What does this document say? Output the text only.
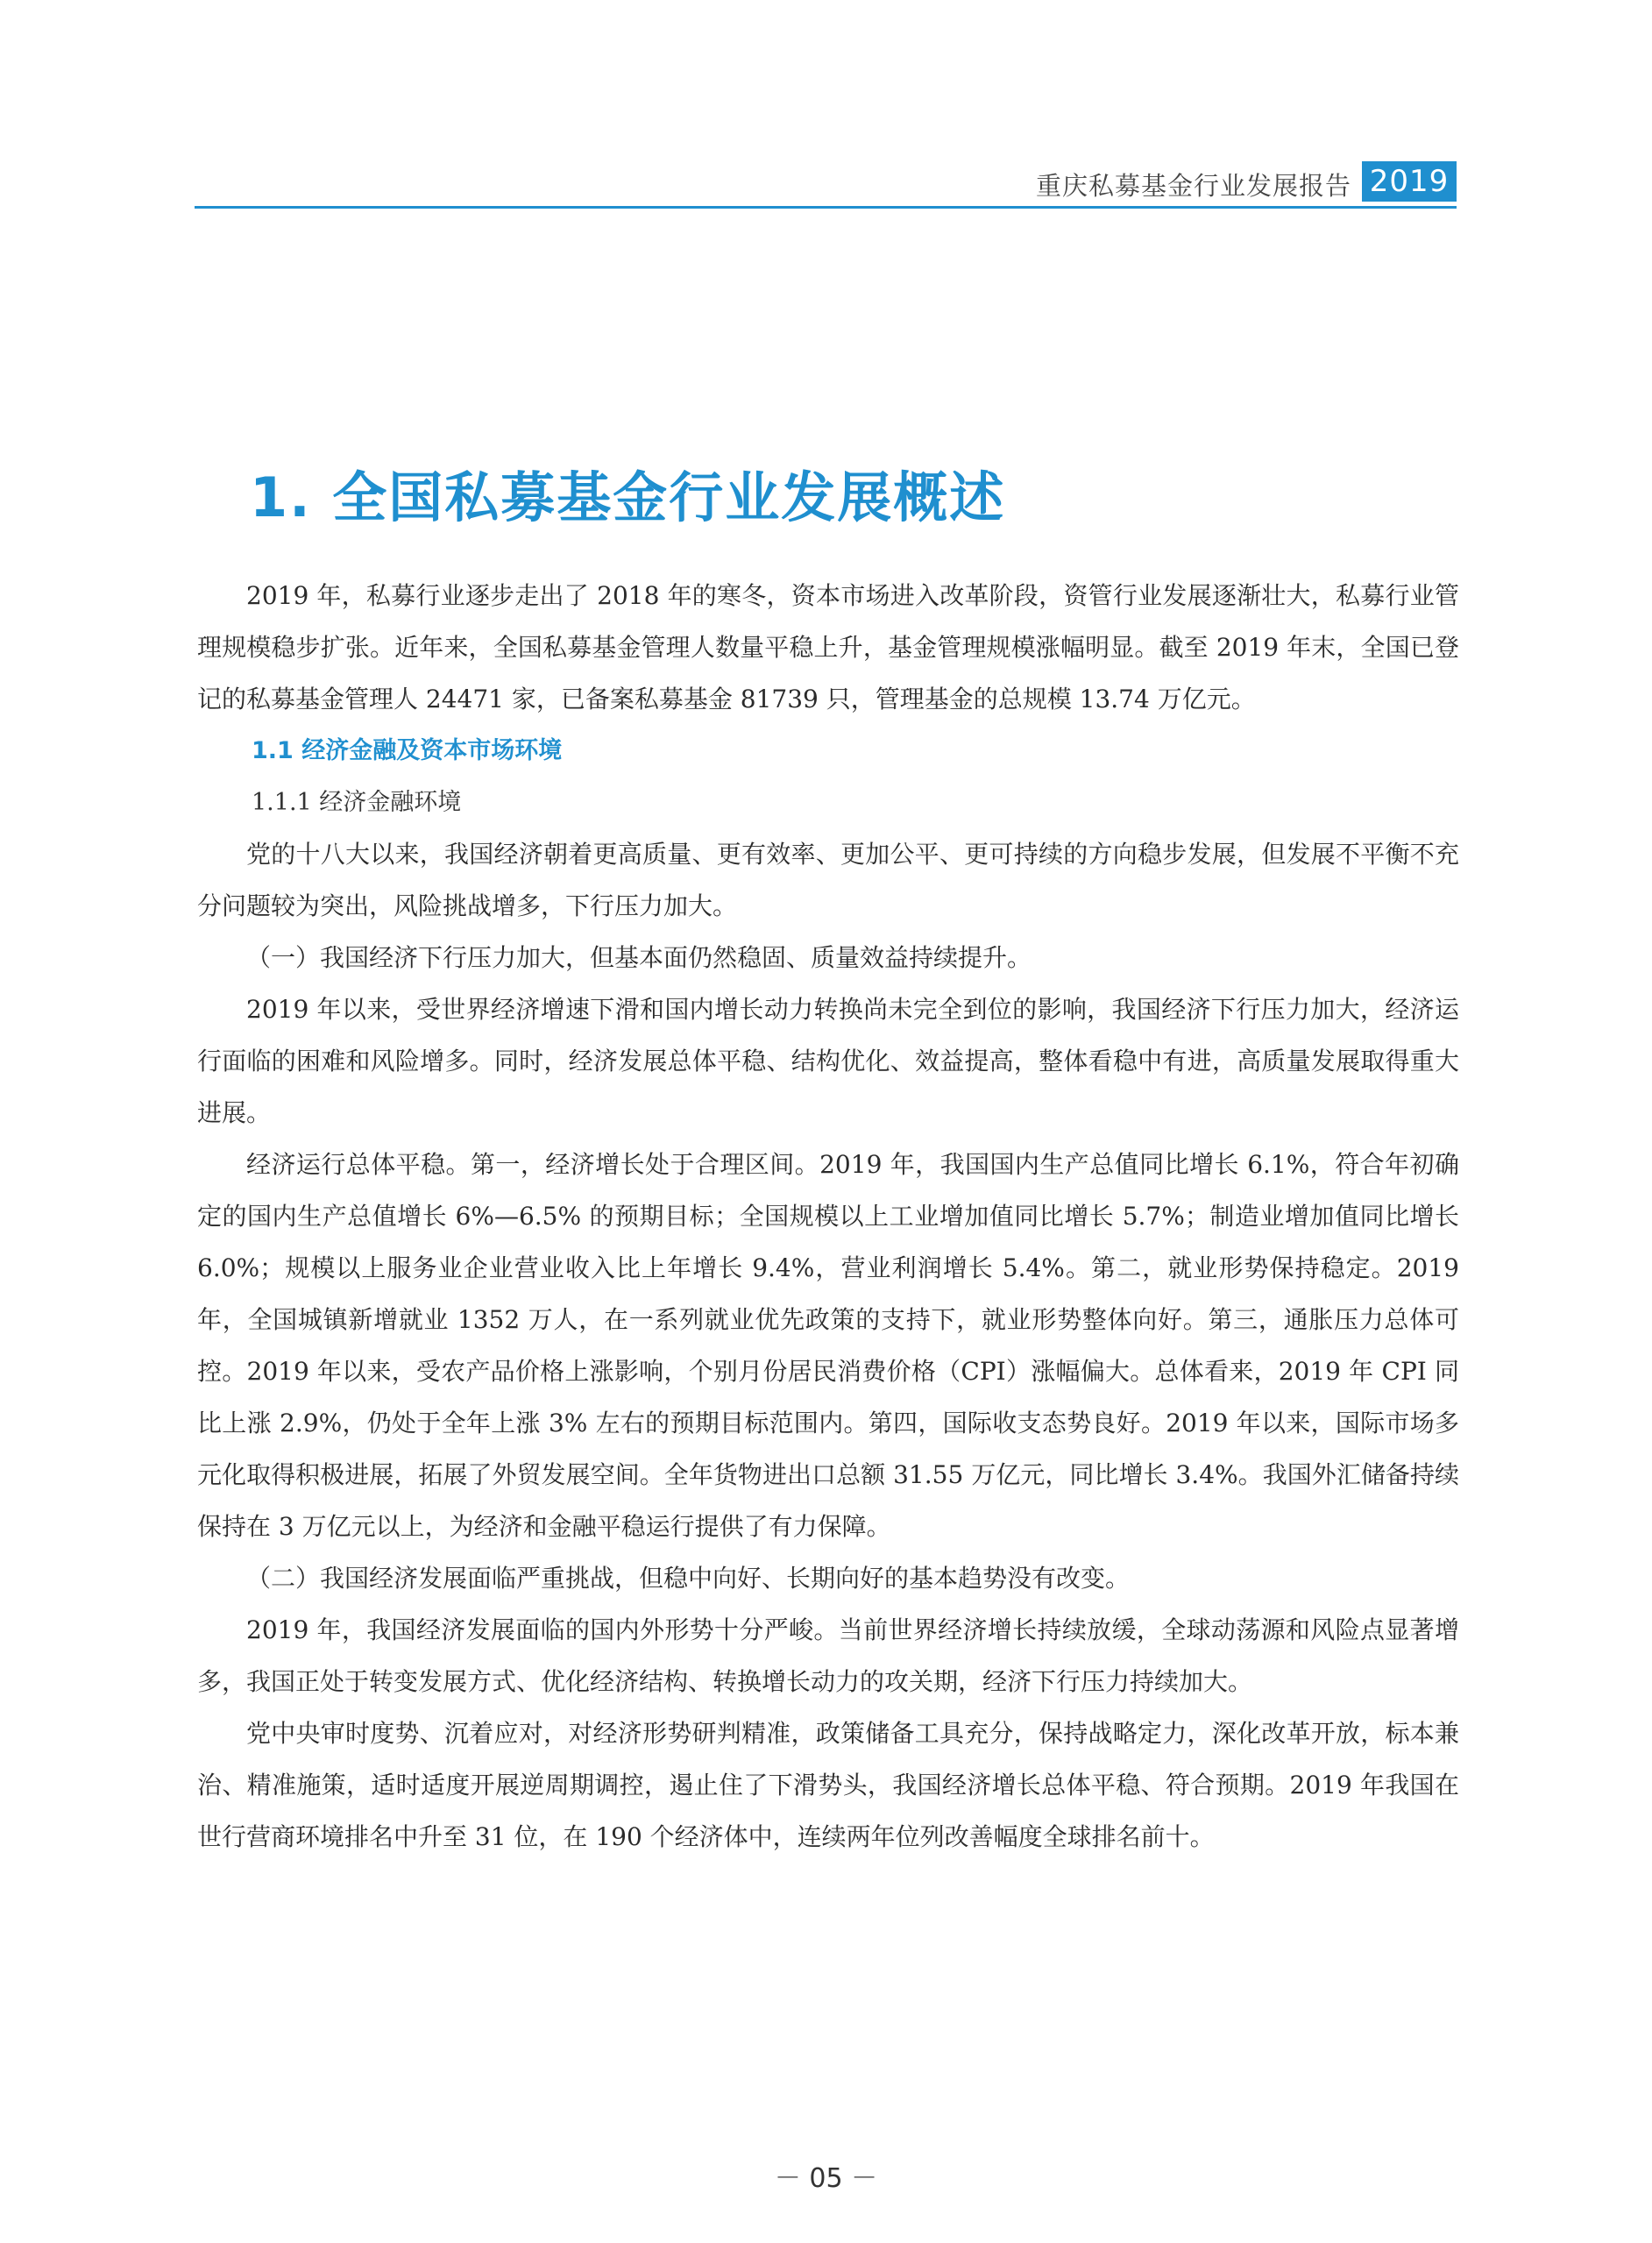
重庆私募基金行业发展报告 2019
1. 全国私募基金行业发展概述

2019 年，私募行业逐步走出了 2018 年的寒冬，资本市场进入改革阶段，资管行业发展逐渐壮大，私募行业管理规模稳步扩张。近年来，全国私募基金管理人数量平稳上升，基金管理规模涨幅明显。截至 2019 年末，全国已登记的私募基金管理人 24471 家，已备案私募基金 81739 只，管理基金的总规模 13.74 万亿元。

1.1 经济金融及资本市场环境
1.1.1 经济金融环境

党的十八大以来，我国经济朝着更高质量、更有效率、更加公平、更可持续的方向稳步发展，但发展不平衡不充分问题较为突出，风险挑战增多，下行压力加大。

（一）我国经济下行压力加大，但基本面仍然稳固、质量效益持续提升。

2019 年以来，受世界经济增速下滑和国内增长动力转换尚未完全到位的影响，我国经济下行压力加大，经济运行面临的困难和风险增多。同时，经济发展总体平稳、结构优化、效益提高，整体看稳中有进，高质量发展取得重大进展。

经济运行总体平稳。第一，经济增长处于合理区间。2019 年，我国国内生产总值同比增长 6.1%，符合年初确定的国内生产总值增长 6%—6.5% 的预期目标；全国规模以上工业增加值同比增长 5.7%；制造业增加值同比增长 6.0%；规模以上服务业企业营业收入比上年增长 9.4%，营业利润增长 5.4%。第二，就业形势保持稳定。2019 年，全国城镇新增就业 1352 万人，在一系列就业优先政策的支持下，就业形势整体向好。第三，通胀压力总体可控。2019 年以来，受农产品价格上涨影响，个别月份居民消费价格（CPI）涨幅偏大。总体看来，2019 年 CPI 同比上涨 2.9%，仍处于全年上涨 3% 左右的预期目标范围内。第四，国际收支态势良好。2019 年以来，国际市场多元化取得积极进展，拓展了外贸发展空间。全年货物进出口总额 31.55 万亿元，同比增长 3.4%。我国外汇储备持续保持在 3 万亿元以上，为经济和金融平稳运行提供了有力保障。

（二）我国经济发展面临严重挑战，但稳中向好、长期向好的基本趋势没有改变。

2019 年，我国经济发展面临的国内外形势十分严峻。当前世界经济增长持续放缓，全球动荡源和风险点显著增多，我国正处于转变发展方式、优化经济结构、转换增长动力的攻关期，经济下行压力持续加大。

党中央审时度势、沉着应对，对经济形势研判精准，政策储备工具充分，保持战略定力，深化改革开放，标本兼治、精准施策，适时适度开展逆周期调控，遏止住了下滑势头，我国经济增长总体平稳、符合预期。2019 年我国在世行营商环境排名中升至 31 位，在 190 个经济体中，连续两年位列改善幅度全球排名前十。

－ 05 －
